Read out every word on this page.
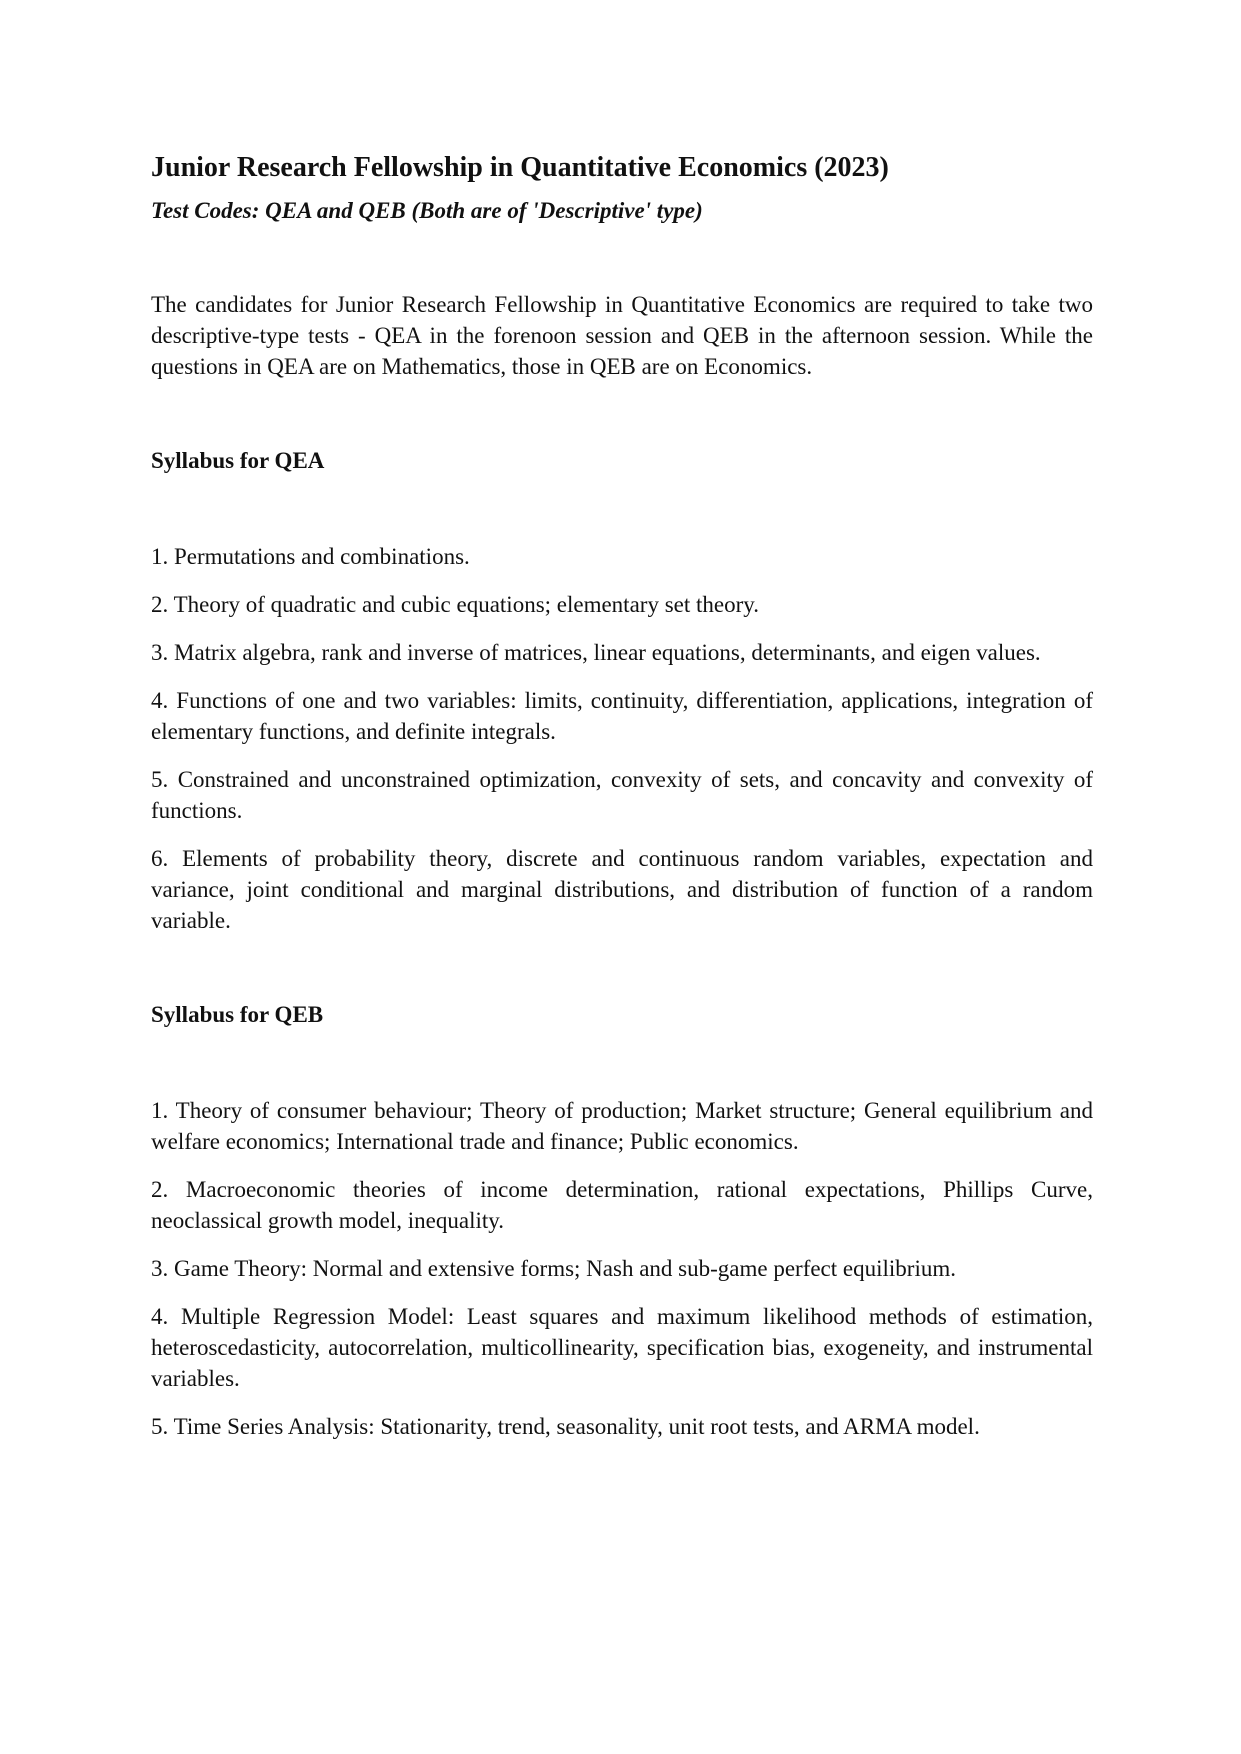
Junior Research Fellowship in Quantitative Economics (2023)

Test Codes: QEA and QEB (Both are of 'Descriptive' type)

The candidates for Junior Research Fellowship in Quantitative Economics are required to take two descriptive-type tests - QEA in the forenoon session and QEB in the afternoon session. While the questions in QEA are on Mathematics, those in QEB are on Economics.

Syllabus for QEA

1. Permutations and combinations.
2. Theory of quadratic and cubic equations; elementary set theory.
3. Matrix algebra, rank and inverse of matrices, linear equations, determinants, and eigen values.
4. Functions of one and two variables: limits, continuity, differentiation, applications, integration of elementary functions, and definite integrals.
5. Constrained and unconstrained optimization, convexity of sets, and concavity and convexity of functions.
6. Elements of probability theory, discrete and continuous random variables, expectation and variance, joint conditional and marginal distributions, and distribution of function of a random variable.

Syllabus for QEB

1. Theory of consumer behaviour; Theory of production; Market structure; General equilibrium and welfare economics; International trade and finance; Public economics.
2. Macroeconomic theories of income determination, rational expectations, Phillips Curve, neoclassical growth model, inequality.
3. Game Theory: Normal and extensive forms; Nash and sub-game perfect equilibrium.
4. Multiple Regression Model: Least squares and maximum likelihood methods of estimation, heteroscedasticity, autocorrelation, multicollinearity, specification bias, exogeneity, and instrumental variables.
5. Time Series Analysis: Stationarity, trend, seasonality, unit root tests, and ARMA model.
